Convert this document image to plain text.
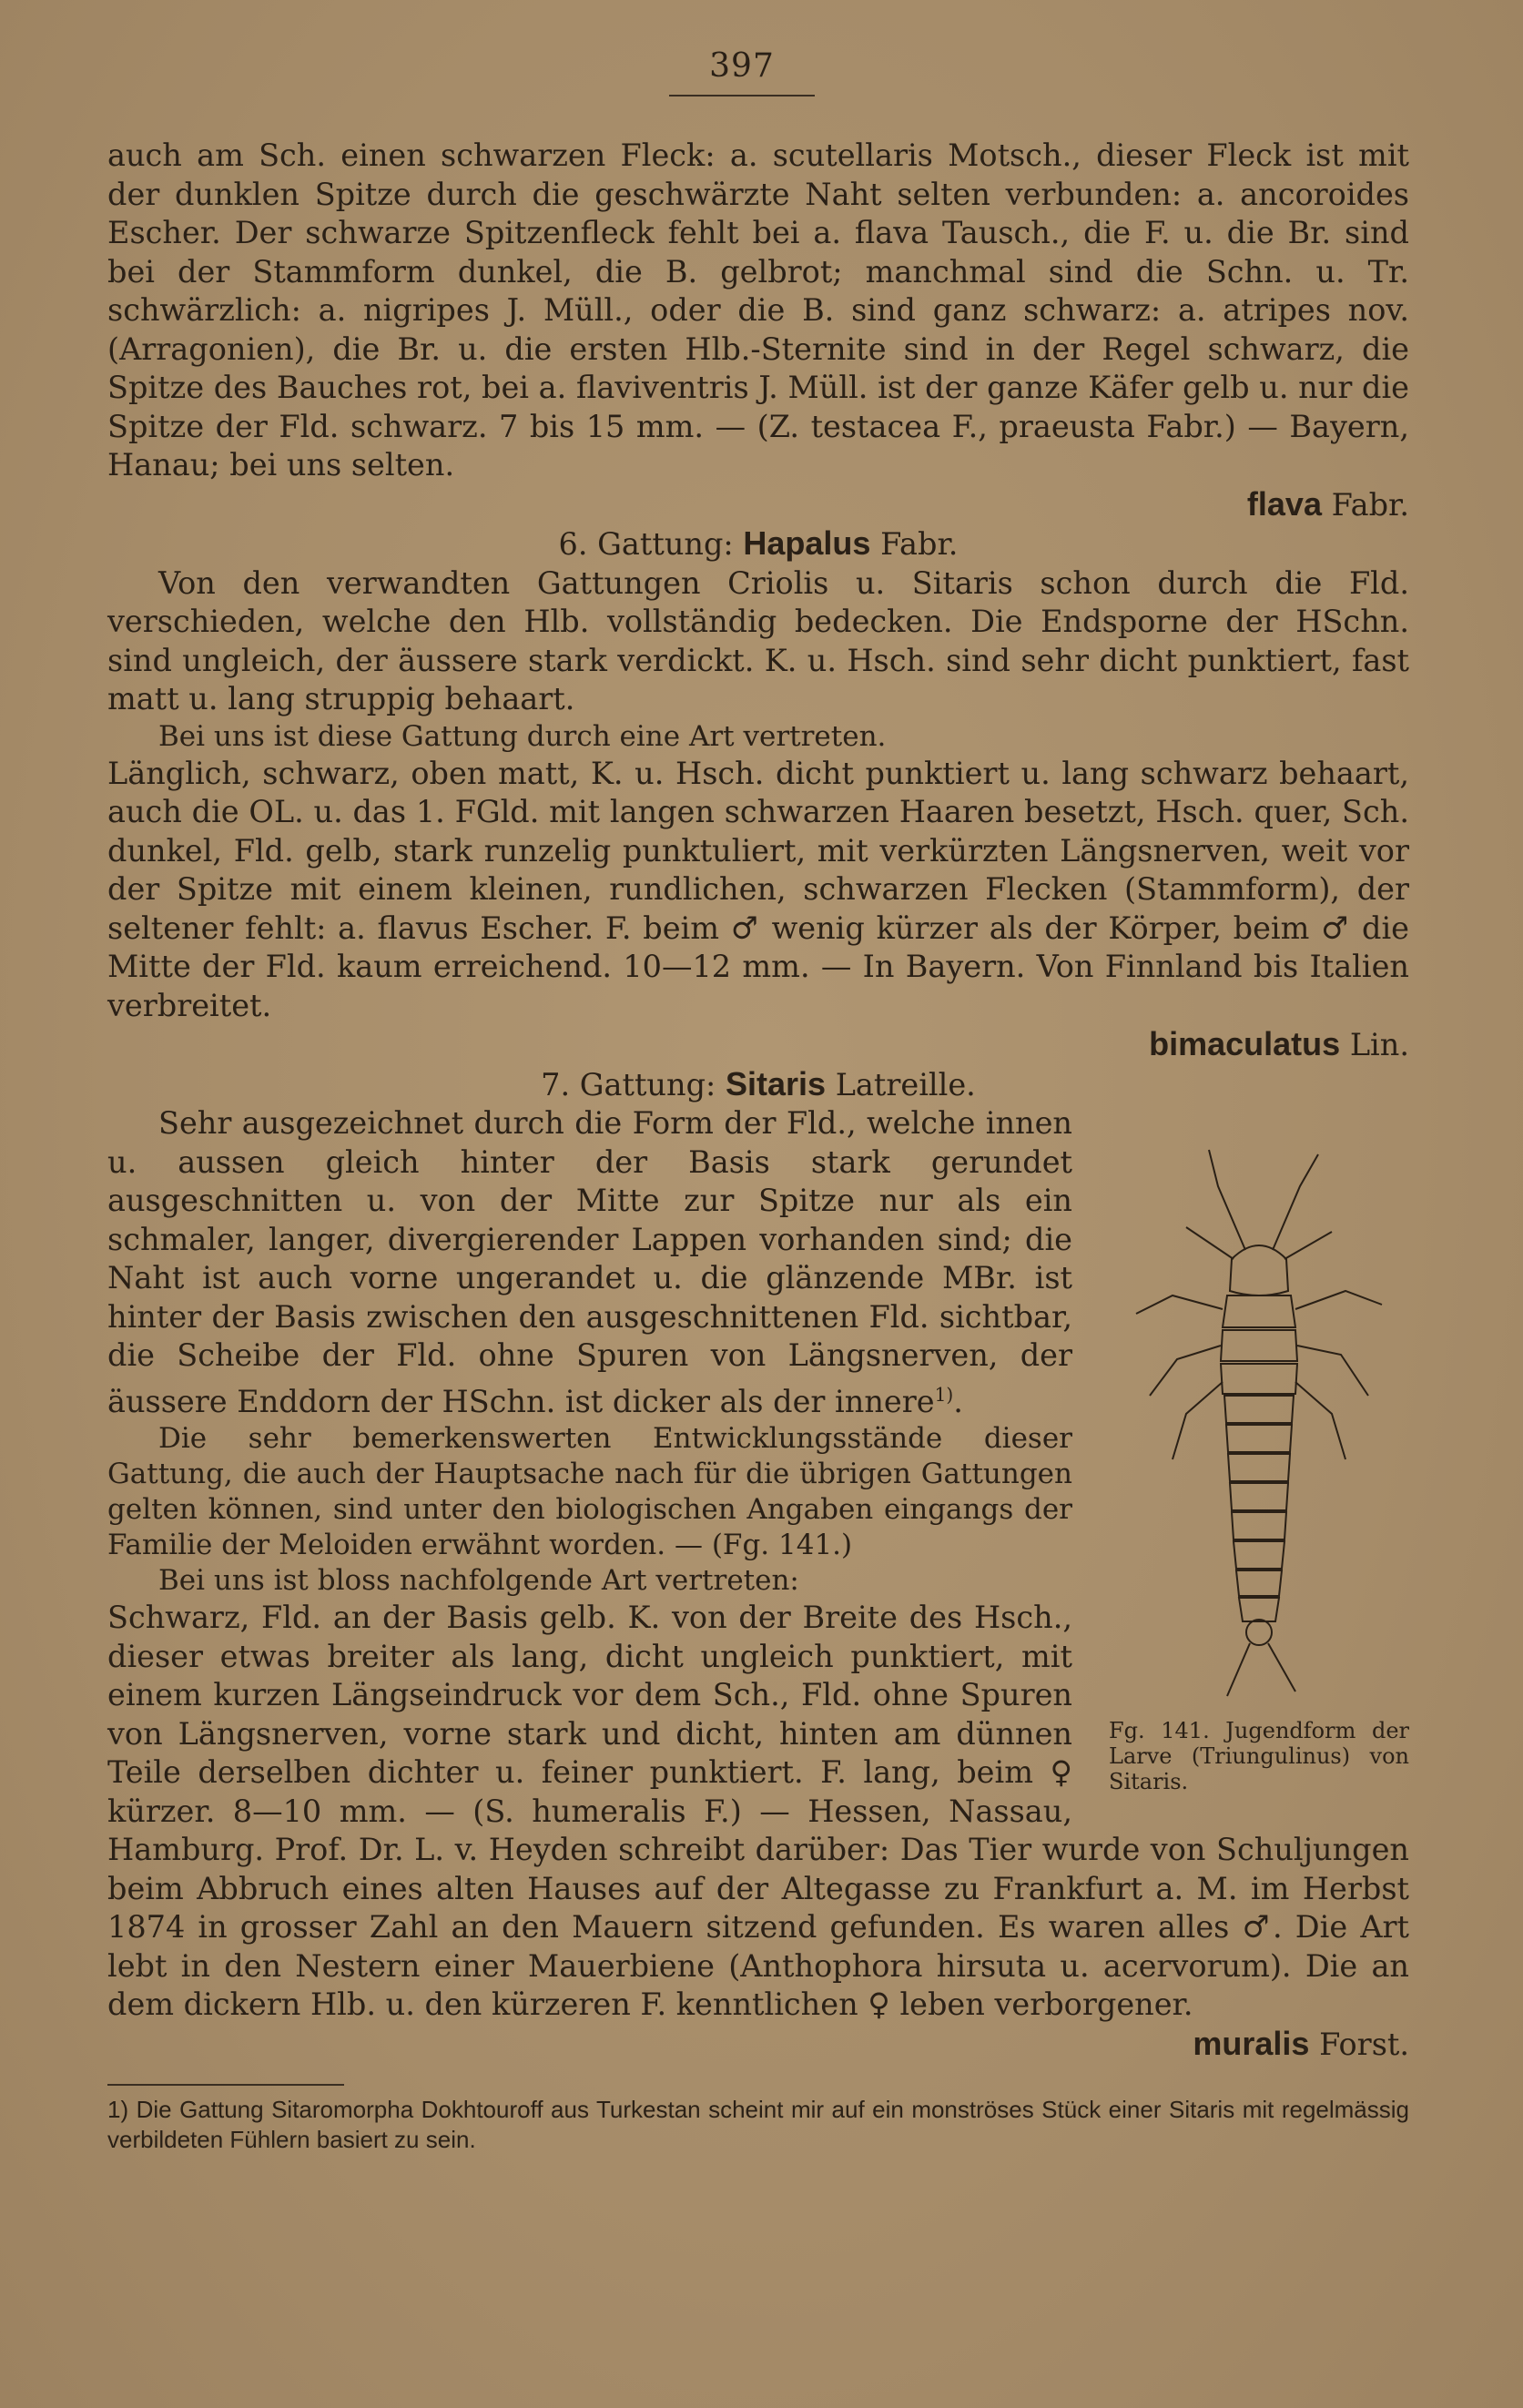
397

auch am Sch. einen schwarzen Fleck: a. scutellaris Motsch., dieser Fleck ist mit der dunklen Spitze durch die geschwärzte Naht selten verbunden: a. ancoroides Escher. Der schwarze Spitzenfleck fehlt bei a. flava Tausch., die F. u. die Br. sind bei der Stammform dunkel, die B. gelbrot; manchmal sind die Schn. u. Tr. schwärzlich: a. nigripes J. Müll., oder die B. sind ganz schwarz: a. atripes nov. (Arragonien), die Br. u. die ersten Hlb.-Sternite sind in der Regel schwarz, die Spitze des Bauches rot, bei a. flaviventris J. Müll. ist der ganze Käfer gelb u. nur die Spitze der Fld. schwarz. 7 bis 15 mm. — (Z. testacea F., praeusta Fabr.) — Bayern, Hanau; bei uns selten.

flava Fabr.

6. Gattung: Hapalus Fabr.

Von den verwandten Gattungen Criolis u. Sitaris schon durch die Fld. verschieden, welche den Hlb. vollständig bedecken. Die Endsporne der HSchn. sind ungleich, der äussere stark verdickt. K. u. Hsch. sind sehr dicht punktiert, fast matt u. lang struppig behaart.

Bei uns ist diese Gattung durch eine Art vertreten.

Länglich, schwarz, oben matt, K. u. Hsch. dicht punktiert u. lang schwarz behaart, auch die OL. u. das 1. FGld. mit langen schwarzen Haaren besetzt, Hsch. quer, Sch. dunkel, Fld. gelb, stark runzelig punktuliert, mit verkürzten Längsnerven, weit vor der Spitze mit einem kleinen, rundlichen, schwarzen Flecken (Stammform), der seltener fehlt: a. flavus Escher. F. beim ♂ wenig kürzer als der Körper, beim ♂ die Mitte der Fld. kaum erreichend. 10—12 mm. — In Bayern. Von Finnland bis Italien verbreitet.

bimaculatus Lin.

7. Gattung: Sitaris Latreille.

Fg. 141. Jugendform der Larve (Triungulinus) von Sitaris.

Sehr ausgezeichnet durch die Form der Fld., welche innen u. aussen gleich hinter der Basis stark gerundet ausgeschnitten u. von der Mitte zur Spitze nur als ein schmaler, langer, divergierender Lappen vorhanden sind; die Naht ist auch vorne ungerandet u. die glänzende MBr. ist hinter der Basis zwischen den ausgeschnittenen Fld. sichtbar, die Scheibe der Fld. ohne Spuren von Längsnerven, der äussere Enddorn der HSchn. ist dicker als der innere$^{1)}$.

Die sehr bemerkenswerten Entwicklungsstände dieser Gattung, die auch der Hauptsache nach für die übrigen Gattungen gelten können, sind unter den biologischen Angaben eingangs der Familie der Meloiden erwähnt worden. — (Fg. 141.)

Bei uns ist bloss nachfolgende Art vertreten:

Schwarz, Fld. an der Basis gelb. K. von der Breite des Hsch., dieser etwas breiter als lang, dicht ungleich punktiert, mit einem kurzen Längseindruck vor dem Sch., Fld. ohne Spuren von Längsnerven, vorne stark und dicht, hinten am dünnen Teile derselben dichter u. feiner punktiert. F. lang, beim ♀ kürzer. 8—10 mm. — (S. humeralis F.) — Hessen, Nassau, Hamburg. Prof. Dr. L. v. Heyden schreibt darüber: Das Tier wurde von Schuljungen beim Abbruch eines alten Hauses auf der Altegasse zu Frankfurt a. M. im Herbst 1874 in grosser Zahl an den Mauern sitzend gefunden. Es waren alles ♂. Die Art lebt in den Nestern einer Mauerbiene (Anthophora hirsuta u. acervorum). Die an dem dickern Hlb. u. den kürzeren F. kenntlichen ♀ leben verborgener.

muralis Forst.

1) Die Gattung Sitaromorpha Dokhtouroff aus Turkestan scheint mir auf ein monströses Stück einer Sitaris mit regelmässig verbildeten Fühlern basiert zu sein.
